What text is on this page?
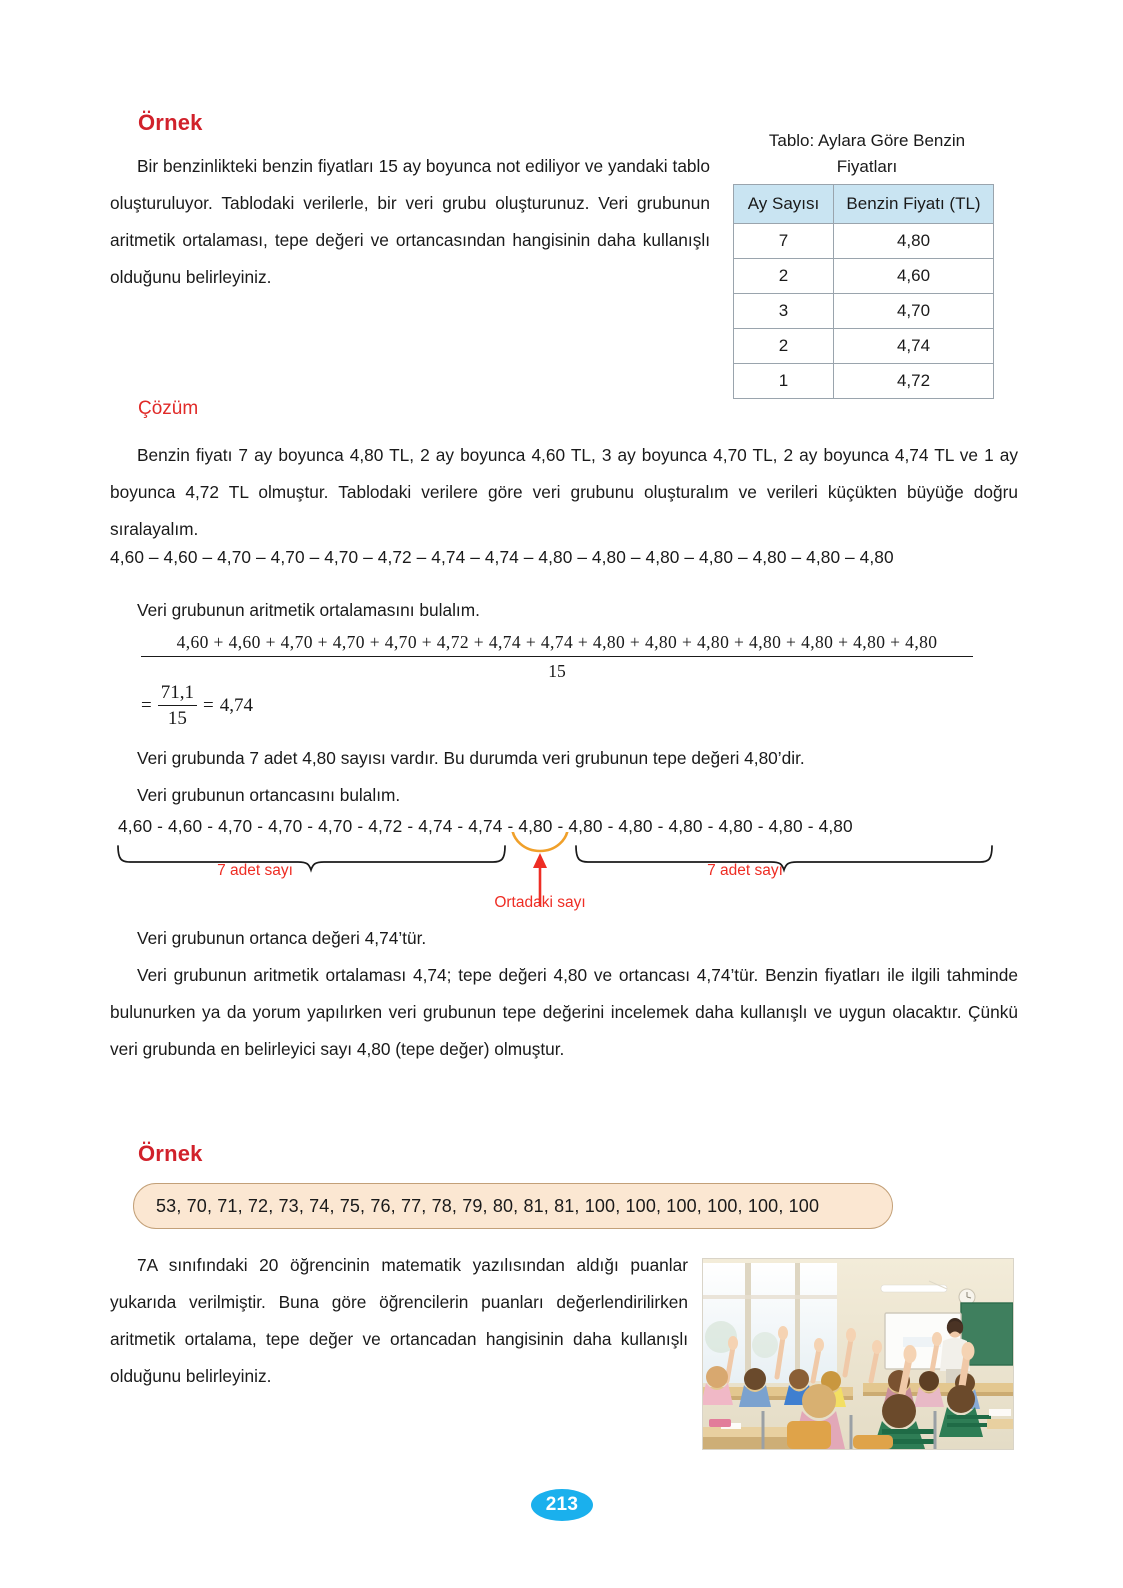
Örnek
Bir benzinlikteki benzin fiyatları 15 ay boyunca not ediliyor ve yandaki tablo oluşturuluyor. Tablodaki verilerle, bir veri grubu oluşturunuz. Veri grubunun aritmetik ortalaması, tepe değeri ve ortancasından hangisinin daha kullanışlı olduğunu belirleyiniz.
Tablo: Aylara Göre Benzin
Fiyatları
Ay Sayısı	Benzin Fiyatı (TL)
7	4,80
2	4,60
3	4,70
2	4,74
1	4,72
Çözüm
Benzin fiyatı 7 ay boyunca 4,80 TL, 2 ay boyunca 4,60 TL, 3 ay boyunca 4,70 TL, 2 ay boyunca 4,74 TL ve 1 ay boyunca 4,72 TL olmuştur. Tablodaki verilere göre veri grubunu oluşturalım ve verileri küçükten büyüğe doğru sıralayalım.
4,60 – 4,60 – 4,70 – 4,70 – 4,70 – 4,72 – 4,74 – 4,74 – 4,80 – 4,80 – 4,80 – 4,80 – 4,80 – 4,80 – 4,80
Veri grubunun aritmetik ortalamasını bulalım.
4,60 + 4,60 + 4,70 + 4,70 + 4,70 + 4,72 + 4,74 + 4,74 + 4,80 + 4,80 + 4,80 + 4,80 + 4,80 + 4,80 + 4,80
15
= $\frac{71,1}{15} = 4,74$
Veri grubunda 7 adet 4,80 sayısı vardır. Bu durumda veri grubunun tepe değeri 4,80’dir.
Veri grubunun ortancasını bulalım.
4,60 - 4,60 - 4,70 - 4,70 - 4,70 - 4,72 - 4,74 - 4,74 - 4,80 - 4,80 - 4,80 - 4,80 - 4,80 - 4,80 - 4,80
7 adet sayı	7 adet sayı
Ortadaki sayı
Veri grubunun ortanca değeri 4,74’tür.
Veri grubunun aritmetik ortalaması 4,74; tepe değeri 4,80 ve ortancası 4,74’tür. Benzin fiyatları ile ilgili tahminde bulunurken ya da yorum yapılırken veri grubunun tepe değerini incelemek daha kullanışlı ve uygun olacaktır. Çünkü veri grubunda en belirleyici sayı 4,80 (tepe değer) olmuştur.
Örnek
53, 70, 71, 72, 73, 74, 75, 76, 77, 78, 79, 80, 81, 81, 100, 100, 100, 100, 100, 100
7A sınıfındaki 20 öğrencinin matematik yazılısından aldığı puanlar yukarıda verilmiştir. Buna göre öğrencilerin puanları değerlendirilirken aritmetik ortalama, tepe değer ve ortancadan hangisinin daha kullanışlı olduğunu belirleyiniz.
213
